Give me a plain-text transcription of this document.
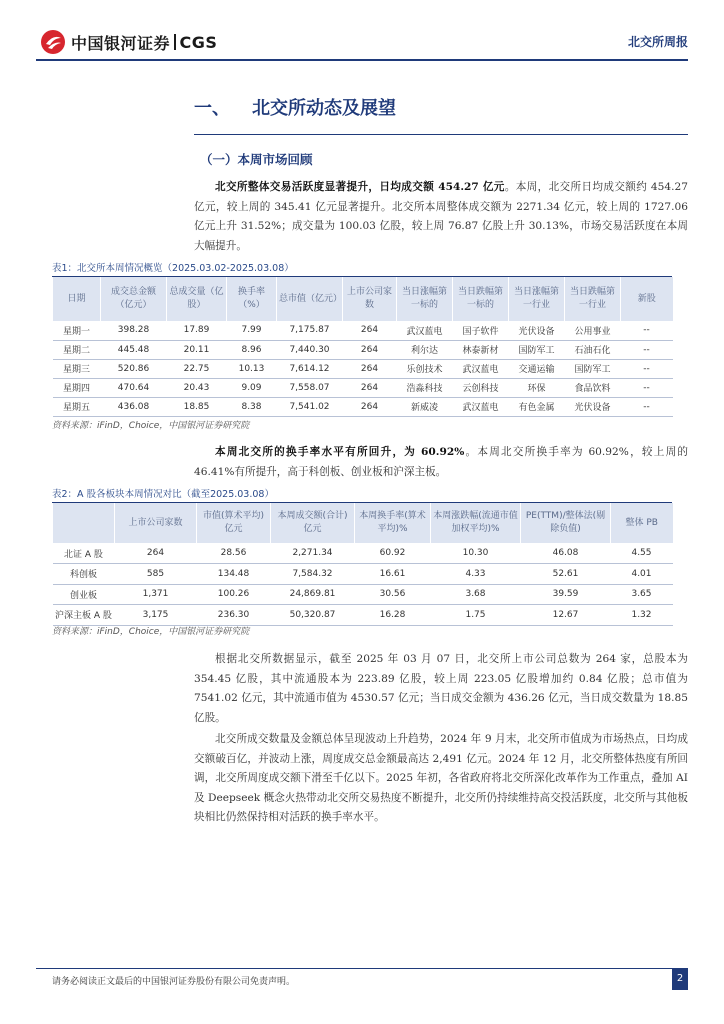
中国银河证券 CGS	北交所周报
一、 北交所动态及展望
（一）本周市场回顾
北交所整体交易活跃度显著提升，日均成交额 454.27 亿元。本周，北交所日均成交额约 454.27 亿元，较上周的 345.41 亿元显著提升。北交所本周整体成交额为 2271.34 亿元，较上周的 1727.06 亿元上升 31.52%；成交量为 100.03 亿股，较上周 76.87 亿股上升 30.13%，市场交易活跃度在本周大幅提升。
表1：北交所本周情况概览（2025.03.02-2025.03.08）
日期	成交总金额（亿元）	总成交量（亿股）	换手率（%）	总市值（亿元）	上市公司家数	当日涨幅第一标的	当日跌幅第一标的	当日涨幅第一行业	当日跌幅第一行业	新股
星期一	398.28	17.89	7.99	7,175.87	264	武汉蓝电	国子软件	光伏设备	公用事业	--
星期二	445.48	20.11	8.96	7,440.30	264	利尔达	林泰新材	国防军工	石油石化	--
星期三	520.86	22.75	10.13	7,614.12	264	乐创技术	武汉蓝电	交通运输	国防军工	--
星期四	470.64	20.43	9.09	7,558.07	264	浩淼科技	云创科技	环保	食品饮料	--
星期五	436.08	18.85	8.38	7,541.02	264	新威凌	武汉蓝电	有色金属	光伏设备	--
资料来源：iFinD，Choice，中国银河证券研究院
本周北交所的换手率水平有所回升，为 60.92%。本周北交所换手率为 60.92%，较上周的 46.41%有所提升，高于科创板、创业板和沪深主板。
表2：A 股各板块本周情况对比（截至2025.03.08）
	上市公司家数	市值(算术平均)亿元	本周成交额(合计)亿元	本周换手率(算术平均)%	本周涨跌幅(流通市值加权平均)%	PE(TTM)/整体法(剔除负值)	整体 PB
北证 A 股	264	28.56	2,271.34	60.92	10.30	46.08	4.55
科创板	585	134.48	7,584.32	16.61	4.33	52.61	4.01
创业板	1,371	100.26	24,869.81	30.56	3.68	39.59	3.65
沪深主板 A 股	3,175	236.30	50,320.87	16.28	1.75	12.67	1.32
资料来源：iFinD，Choice，中国银河证券研究院
根据北交所数据显示，截至 2025 年 03 月 07 日，北交所上市公司总数为 264 家，总股本为 354.45 亿股，其中流通股本为 223.89 亿股，较上周 223.05 亿股增加约 0.84 亿股；总市值为 7541.02 亿元，其中流通市值为 4530.57 亿元；当日成交金额为 436.26 亿元，当日成交数量为 18.85 亿股。
北交所成交数量及金额总体呈现波动上升趋势，2024 年 9 月末，北交所市值成为市场热点，日均成交额破百亿，并波动上涨，周度成交总金额最高达 2,491 亿元。2024 年 12 月，北交所整体热度有所回调，北交所周度成交额下滑至千亿以下。2025 年初，各省政府将北交所深化改革作为工作重点，叠加 AI 及 Deepseek 概念火热带动北交所交易热度不断提升，北交所仍持续维持高交投活跃度，北交所与其他板块相比仍然保持相对活跃的换手率水平。
请务必阅读正文最后的中国银河证券股份有限公司免责声明。	2
